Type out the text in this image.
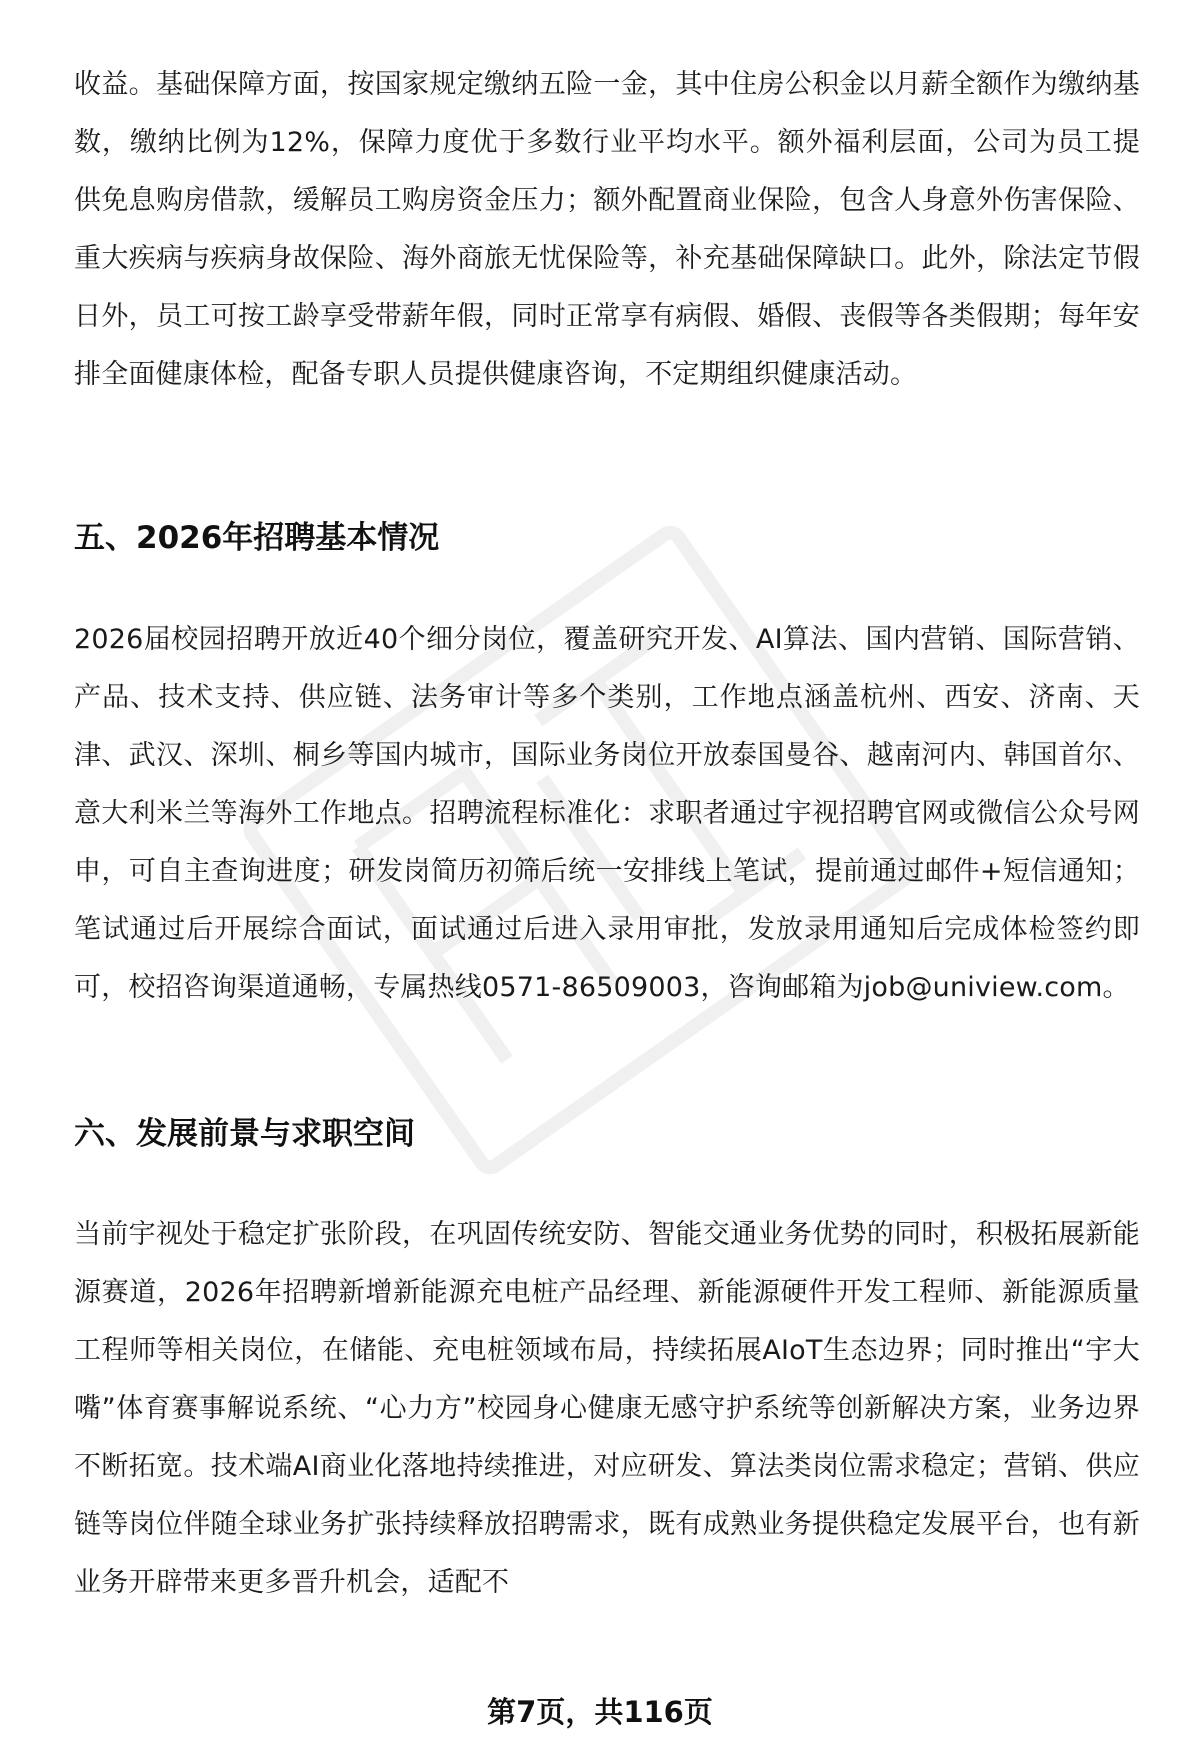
收益。基础保障方面，按国家规定缴纳五险一金，其中住房公积金以月薪全额作为缴纳基数，缴纳比例为12%，保障力度优于多数行业平均水平。额外福利层面，公司为员工提供免息购房借款，缓解员工购房资金压力；额外配置商业保险，包含人身意外伤害保险、重大疾病与疾病身故保险、海外商旅无忧保险等，补充基础保障缺口。此外，除法定节假日外，员工可按工龄享受带薪年假，同时正常享有病假、婚假、丧假等各类假期；每年安排全面健康体检，配备专职人员提供健康咨询，不定期组织健康活动。

五、2026年招聘基本情况

2026届校园招聘开放近40个细分岗位，覆盖研究开发、AI算法、国内营销、国际营销、产品、技术支持、供应链、法务审计等多个类别，工作地点涵盖杭州、西安、济南、天津、武汉、深圳、桐乡等国内城市，国际业务岗位开放泰国曼谷、越南河内、韩国首尔、意大利米兰等海外工作地点。招聘流程标准化：求职者通过宇视招聘官网或微信公众号网申，可自主查询进度；研发岗简历初筛后统一安排线上笔试，提前通过邮件+短信通知；笔试通过后开展综合面试，面试通过后进入录用审批，发放录用通知后完成体检签约即可，校招咨询渠道通畅，专属热线0571-86509003，咨询邮箱为job@uniview.com。

六、发展前景与求职空间

当前宇视处于稳定扩张阶段，在巩固传统安防、智能交通业务优势的同时，积极拓展新能源赛道，2026年招聘新增新能源充电桩产品经理、新能源硬件开发工程师、新能源质量工程师等相关岗位，在储能、充电桩领域布局，持续拓展AIoT生态边界；同时推出“宇大嘴”体育赛事解说系统、“心力方”校园身心健康无感守护系统等创新解决方案，业务边界不断拓宽。技术端AI商业化落地持续推进，对应研发、算法类岗位需求稳定；营销、供应链等岗位伴随全球业务扩张持续释放招聘需求，既有成熟业务提供稳定发展平台，也有新业务开辟带来更多晋升机会，适配不

第7页，共116页
